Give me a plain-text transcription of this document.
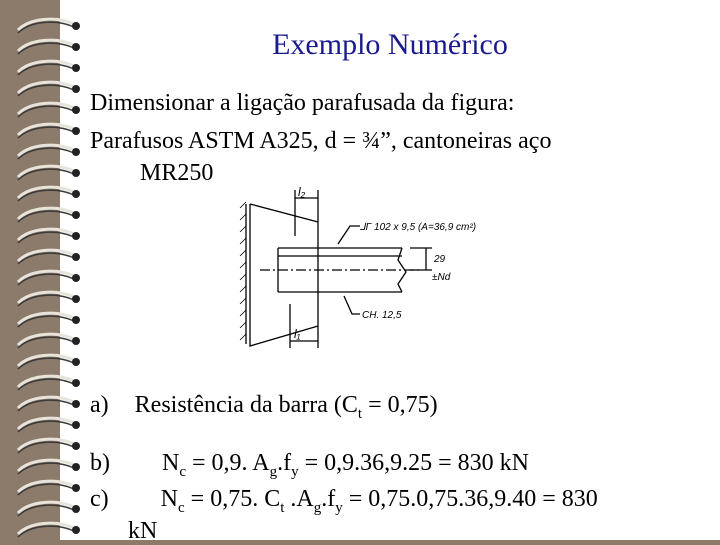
Exemplo Numérico
Dimensionar a ligação parafusada da figura:
Parafusos ASTM A325, d = ¾”, cantoneiras aço
MR250
l₂
l₁
⅃Γ 102 x 9,5 (A=36,9 cm²)
29
±Nd
CH. 12,5
a) Resistência da barra $(C_t = 0,75)$
b) $N_c = 0,9$. $A_g.f_y = 0,9.36,9.25 = 830$ kN
c) $N_c = 0,75$. $C_t$ $.A_g.f_y = 0,75.0,75.36,9.40 = 830$
kN
